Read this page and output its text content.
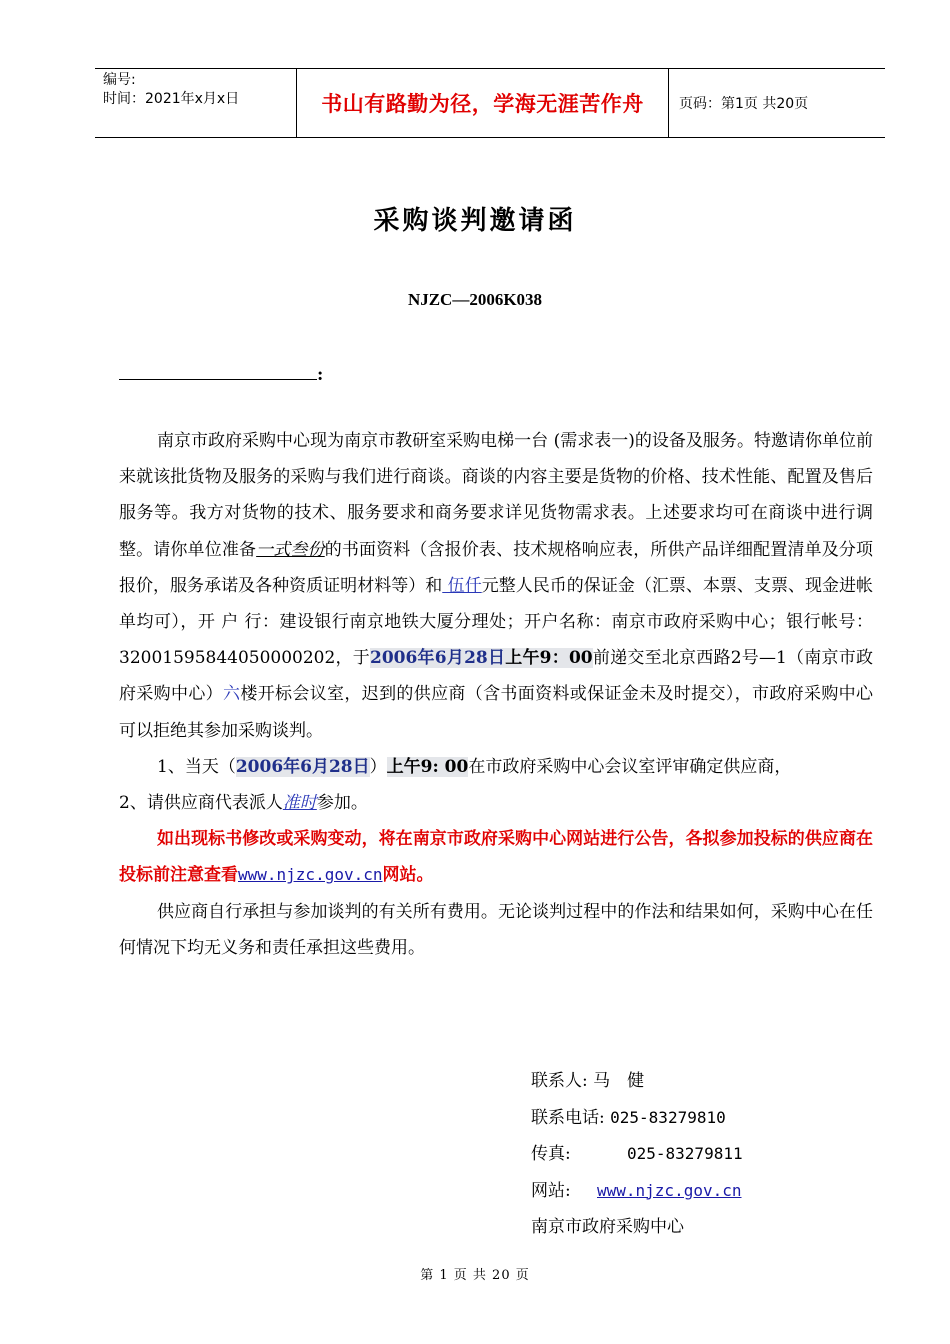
编号:
时间：2021年x月x日	书山有路勤为径，学海无涯苦作舟	页码：第1页 共20页
采购谈判邀请函
NJZC—2006K038
:

南京市政府采购中心现为南京市教研室采购电梯一台 (需求表一)的设备及服务。特邀请你单位前来就该批货物及服务的采购与我们进行商谈。商谈的内容主要是货物的价格、技术性能、配置及售后服务等。我方对货物的技术、服务要求和商务要求详见货物需求表。上述要求均可在商谈中进行调整。请你单位准备一式叁份的书面资料（含报价表、技术规格响应表，所供产品详细配置清单及分项报价，服务承诺及各种资质证明材料等）和 伍仟元整人民币的保证金（汇票、本票、支票、现金进帐单均可），开 户 行：建设银行南京地铁大厦分理处；开户名称：南京市政府采购中心；银行帐号：32001595844050000202，于2006年6月28日上午9：00前递交至北京西路2号—1（南京市政府采购中心）六楼开标会议室，迟到的供应商（含书面资料或保证金未及时提交），市政府采购中心可以拒绝其参加采购谈判。

1、当天（2006年6月28日）上午9: 00在市政府采购中心会议室评审确定供应商，

2、请供应商代表派人准时参加。

如出现标书修改或采购变动，将在南京市政府采购中心网站进行公告，各拟参加投标的供应商在投标前注意查看www.njzc.gov.cn网站。

供应商自行承担与参加谈判的有关所有费用。无论谈判过程中的作法和结果如何，采购中心在任何情况下均无义务和责任承担这些费用。

联系人:
马　健
联系电话:
025-83279810
传真:	025-83279811
网站:	www.njzc.gov.cn
南京市政府采购中心
第 1 页 共 20 页
